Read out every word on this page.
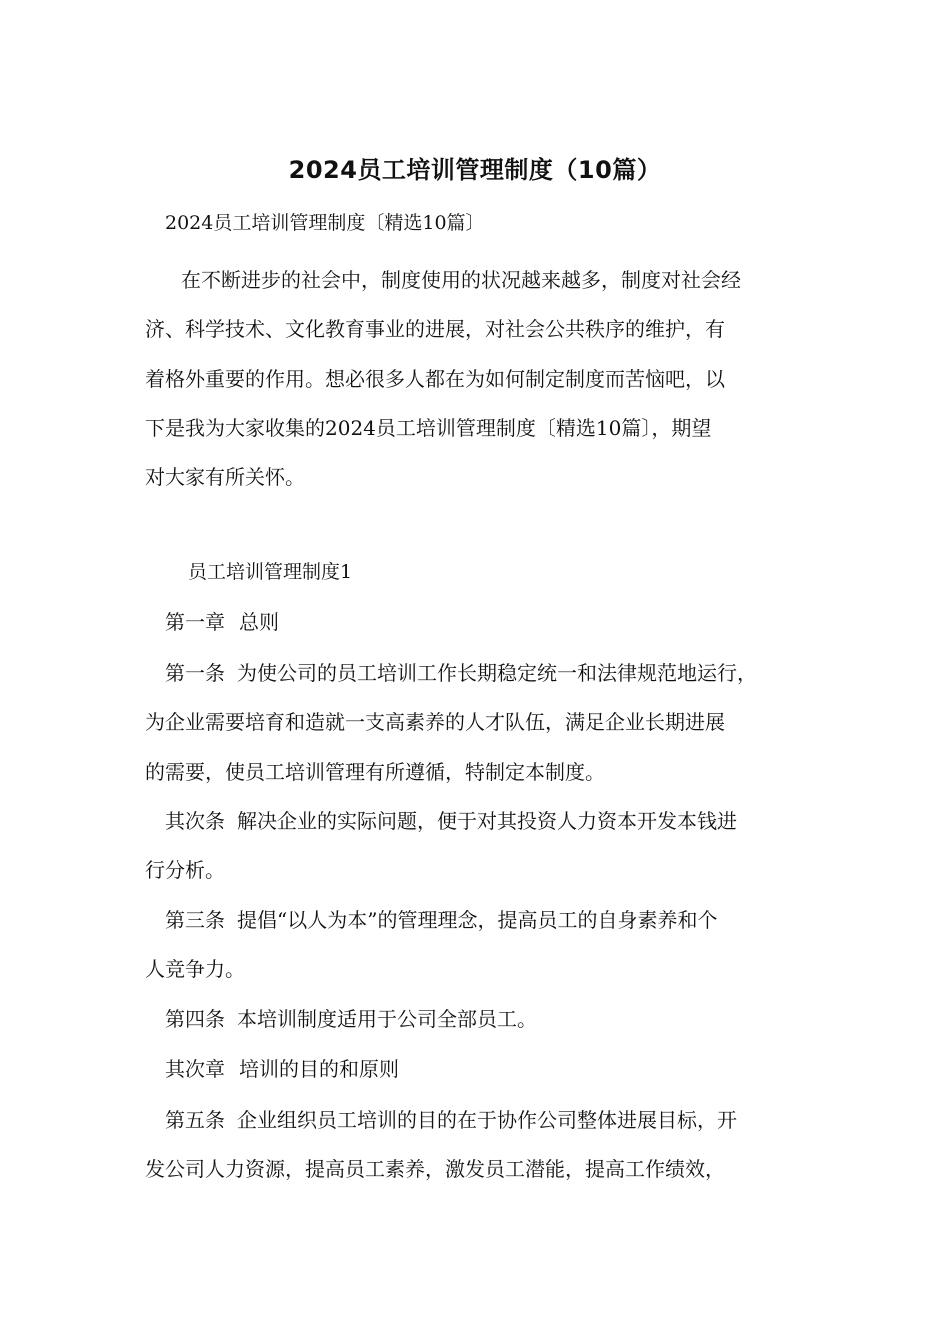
2024员工培训管理制度（10篇）
2024员工培训管理制度〔精选10篇〕
在不断进步的社会中，制度使用的状况越来越多，制度对社会经
济、科学技术、文化教育事业的进展，对社会公共秩序的维护，有
着格外重要的作用。想必很多人都在为如何制定制度而苦恼吧，以
下是我为大家收集的2024员工培训管理制度〔精选10篇〕，期望
对大家有所关怀。
员工培训管理制度1
第一章 总则
第一条 为使公司的员工培训工作长期稳定统一和法律规范地运行，
为企业需要培育和造就一支高素养的人才队伍，满足企业长期进展
的需要，使员工培训管理有所遵循，特制定本制度。
其次条 解决企业的实际问题，便于对其投资人力资本开发本钱进
行分析。
第三条 提倡“以人为本”的管理理念，提高员工的自身素养和个
人竞争力。
第四条 本培训制度适用于公司全部员工。
其次章 培训的目的和原则
第五条 企业组织员工培训的目的在于协作公司整体进展目标，开
发公司人力资源，提高员工素养，激发员工潜能，提高工作绩效，
